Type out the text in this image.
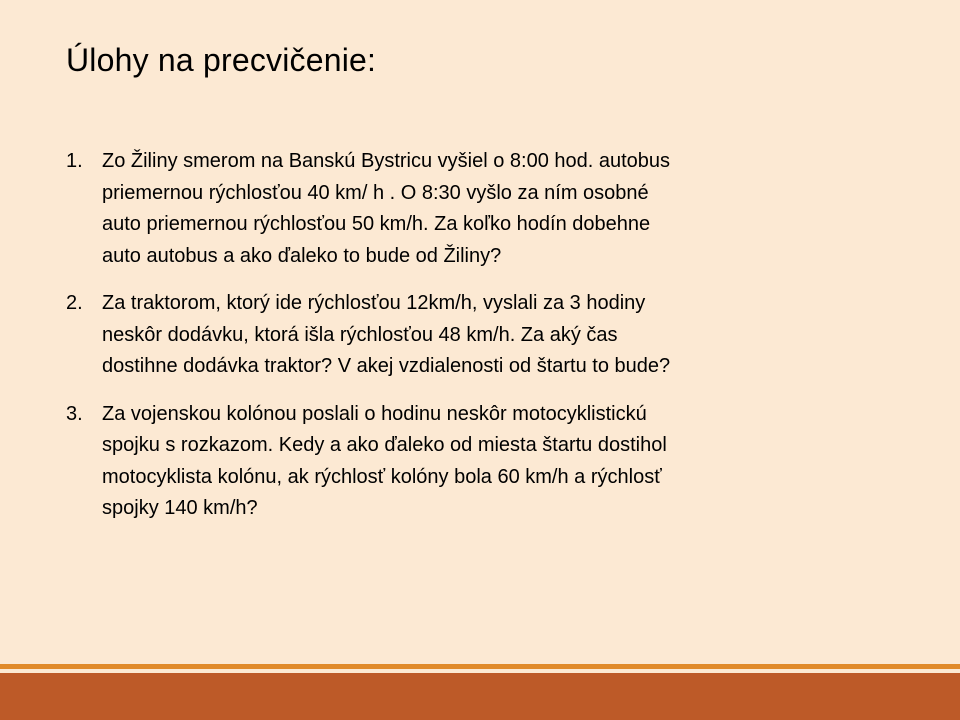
Úlohy na precvičenie:
1. Zo Žiliny smerom na Banskú Bystricu vyšiel o 8:00 hod. autobus
priemernou rýchlosťou 40 km/ h . O 8:30 vyšlo za ním osobné
auto priemernou rýchlosťou 50 km/h. Za koľko hodín dobehne
auto autobus a ako ďaleko to bude od Žiliny?
2. Za traktorom, ktorý ide rýchlosťou 12km/h, vyslali za 3 hodiny
neskôr dodávku, ktorá išla rýchlosťou 48 km/h. Za aký čas
dostihne dodávka traktor? V akej vzdialenosti od štartu to bude?
3. Za vojenskou kolónou poslali o hodinu neskôr motocyklistickú
spojku s rozkazom. Kedy a ako ďaleko od miesta štartu dostihol
motocyklista kolónu, ak rýchlosť kolóny bola 60 km/h a rýchlosť
spojky 140 km/h?
